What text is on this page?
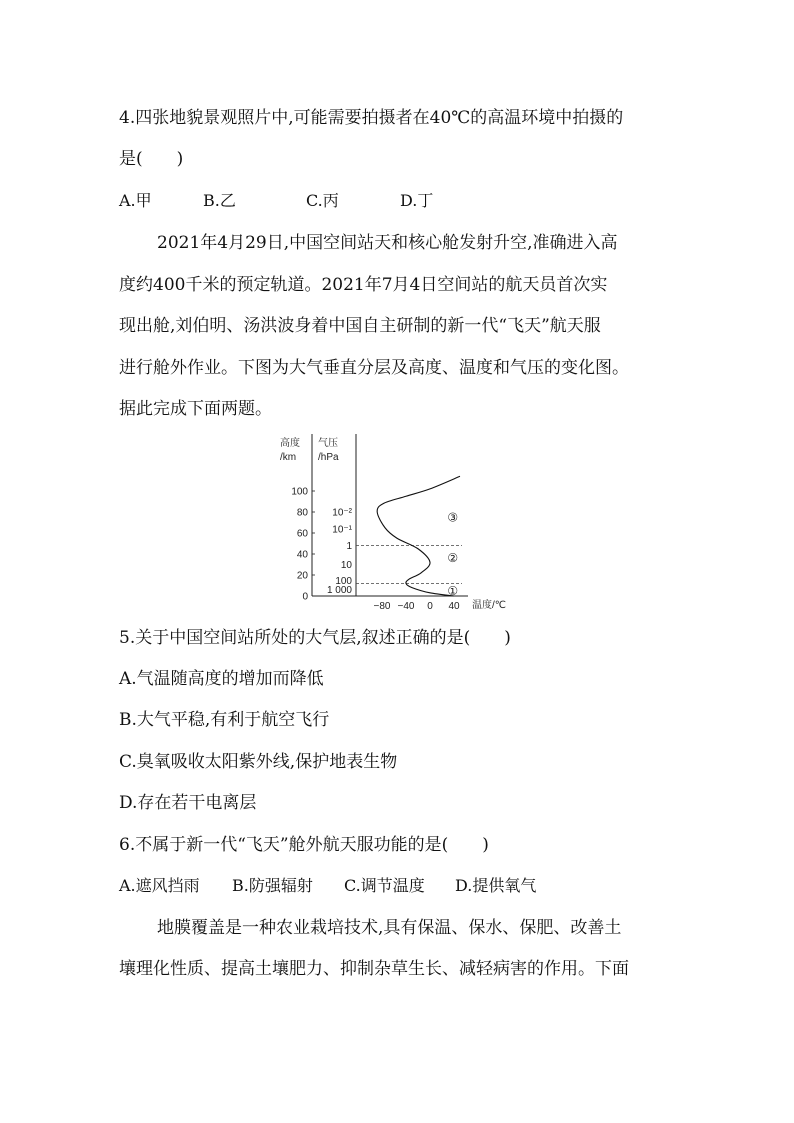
4.四张地貌景观照片中,可能需要拍摄者在40℃的高温环境中拍摄的
是(　　)
A.甲	B.乙	C.丙	D.丁
2021年4月29日,中国空间站天和核心舱发射升空,准确进入高
度约400千米的预定轨道。2021年7月4日空间站的航天员首次实
现出舱,刘伯明、汤洪波身着中国自主研制的新一代“飞天”航天服
进行舱外作业。下图为大气垂直分层及高度、温度和气压的变化图。
据此完成下面两题。
高度
/km
气压
/hPa
温度/℃
0
20
40
60
80
100
10⁻²
10⁻¹
1
10
100
1 000
−80 −40 0 40
①
②
③
5.关于中国空间站所处的大气层,叙述正确的是(　　)
A.气温随高度的增加而降低
B.大气平稳,有利于航空飞行
C.臭氧吸收太阳紫外线,保护地表生物
D.存在若干电离层
6.不属于新一代“飞天”舱外航天服功能的是(　　)
A.遮风挡雨 B.防强辐射 C.调节温度 D.提供氧气
地膜覆盖是一种农业栽培技术,具有保温、保水、保肥、改善土
壤理化性质、提高土壤肥力、抑制杂草生长、减轻病害的作用。下面
